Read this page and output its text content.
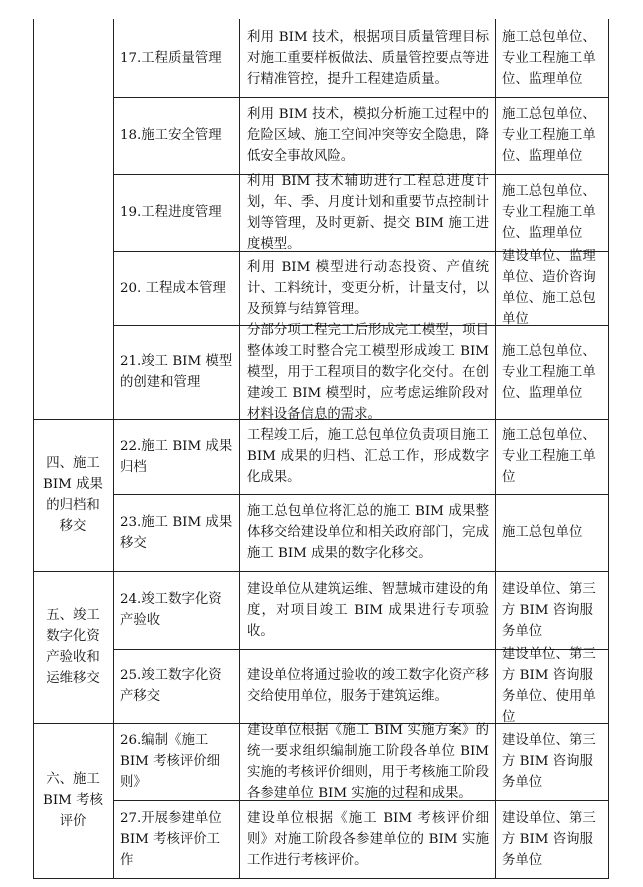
17.工程质量管理
利用 BIM 技术，根据项目质量管理目标对施工重要样板做法、质量管控要点等进行精准管控，提升工程建造质量。
施工总包单位、专业工程施工单位、监理单位
18.施工安全管理
利用 BIM 技术，模拟分析施工过程中的危险区域、施工空间冲突等安全隐患，降低安全事故风险。
施工总包单位、专业工程施工单位、监理单位
19.工程进度管理
利用 BIM 技术辅助进行工程总进度计划，年、季、月度计划和重要节点控制计划等管理，及时更新、提交 BIM 施工进度模型。
施工总包单位、专业工程施工单位、监理单位
20. 工程成本管理
利用 BIM 模型进行动态投资、产值统计、工料统计，变更分析，计量支付，以及预算与结算管理。
建设单位、监理单位、造价咨询单位、施工总包单位
21.竣工 BIM 模型的创建和管理
分部分项工程完工后形成完工模型，项目整体竣工时整合完工模型形成竣工 BIM 模型，用于工程项目的数字化交付。在创建竣工 BIM 模型时，应考虑运维阶段对材料设备信息的需求。
施工总包单位、专业工程施工单位、监理单位
四、施工 BIM 成果的归档和移交
22.施工 BIM 成果归档
工程竣工后，施工总包单位负责项目施工 BIM 成果的归档、汇总工作，形成数字化成果。
施工总包单位、专业工程施工单位
23.施工 BIM 成果移交
施工总包单位将汇总的施工 BIM 成果整体移交给建设单位和相关政府部门，完成施工 BIM 成果的数字化移交。
施工总包单位
五、竣工数字化资产验收和运维移交
24.竣工数字化资产验收
建设单位从建筑运维、智慧城市建设的角度，对项目竣工 BIM 成果进行专项验收。
建设单位、第三方 BIM 咨询服务单位
25.竣工数字化资产移交
建设单位将通过验收的竣工数字化资产移交给使用单位，服务于建筑运维。
建设单位、第三方 BIM 咨询服务单位、使用单位
六、施工 BIM 考核评价
26.编制《施工 BIM 考核评价细则》
建设单位根据《施工 BIM 实施方案》的统一要求组织编制施工阶段各单位 BIM 实施的考核评价细则，用于考核施工阶段各参建单位 BIM 实施的过程和成果。
建设单位、第三方 BIM 咨询服务单位
27.开展参建单位 BIM 考核评价工作
建设单位根据《施工 BIM 考核评价细则》对施工阶段各参建单位的 BIM 实施工作进行考核评价。
建设单位、第三方 BIM 咨询服务单位
